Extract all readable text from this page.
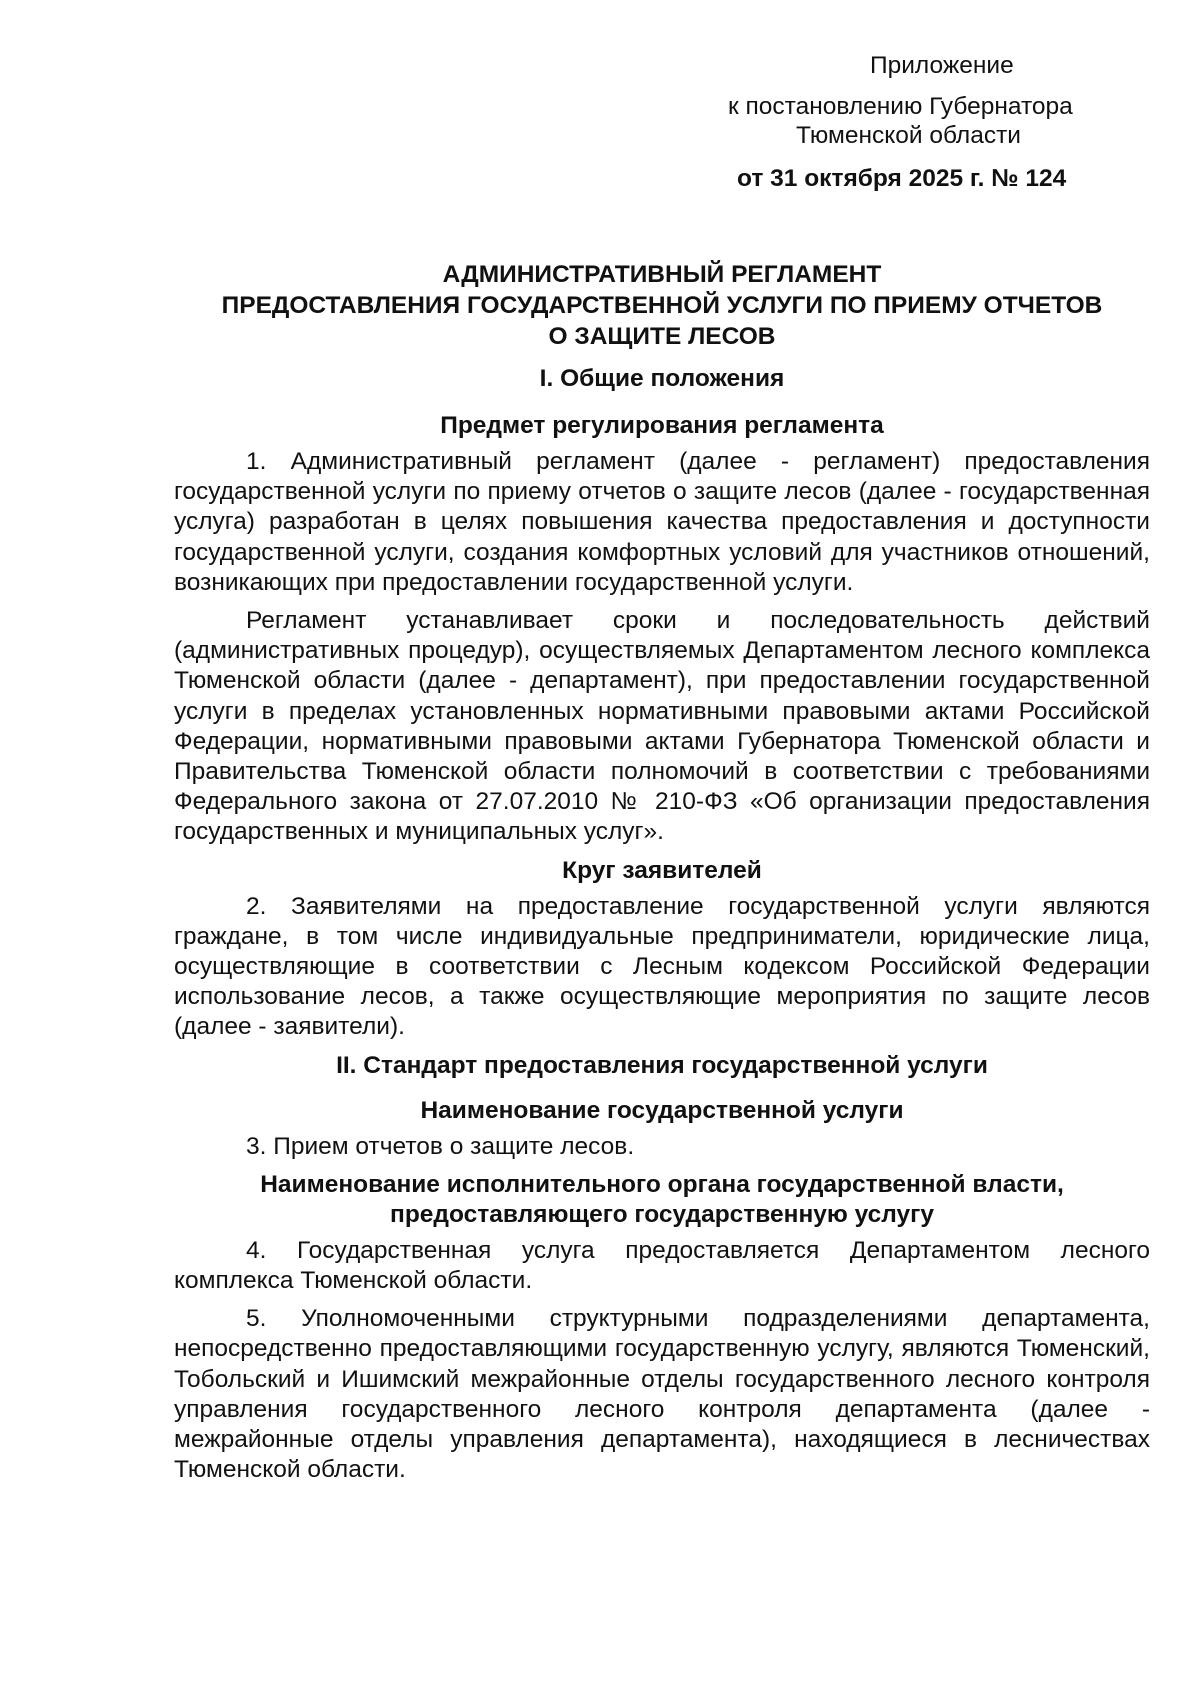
Приложение
к постановлению Губернатора
Тюменской области
от 31 октября 2025 г. № 124
АДМИНИСТРАТИВНЫЙ РЕГЛАМЕНТ
ПРЕДОСТАВЛЕНИЯ ГОСУДАРСТВЕННОЙ УСЛУГИ ПО ПРИЕМУ ОТЧЕТОВ
О ЗАЩИТЕ ЛЕСОВ
I. Общие положения
Предмет регулирования регламента

1. Административный регламент (далее - регламент) предоставления государственной услуги по приему отчетов о защите лесов (далее - государственная услуга) разработан в целях повышения качества предоставления и доступности государственной услуги, создания комфортных условий для участников отношений, возникающих при предоставлении государственной услуги.

Регламент устанавливает сроки и последовательность действий (административных процедур), осуществляемых Департаментом лесного комплекса Тюменской области (далее - департамент), при предоставлении государственной услуги в пределах установленных нормативными правовыми актами Российской Федерации, нормативными правовыми актами Губернатора Тюменской области и Правительства Тюменской области полномочий в соответствии с требованиями Федерального закона от 27.07.2010 № 210-ФЗ «Об организации предоставления государственных и муниципальных услуг».

Круг заявителей

2. Заявителями на предоставление государственной услуги являются граждане, в том числе индивидуальные предприниматели, юридические лица, осуществляющие в соответствии с Лесным кодексом Российской Федерации использование лесов, а также осуществляющие мероприятия по защите лесов (далее - заявители).

II. Стандарт предоставления государственной услуги
Наименование государственной услуги

3. Прием отчетов о защите лесов.

Наименование исполнительного органа государственной власти,
предоставляющего государственную услугу

4. Государственная услуга предоставляется Департаментом лесного комплекса Тюменской области.

5. Уполномоченными структурными подразделениями департамента, непосредственно предоставляющими государственную услугу, являются Тюменский, Тобольский и Ишимский межрайонные отделы государственного лесного контроля управления государственного лесного контроля департамента (далее - межрайонные отделы управления департамента), находящиеся в лесничествах Тюменской области.
